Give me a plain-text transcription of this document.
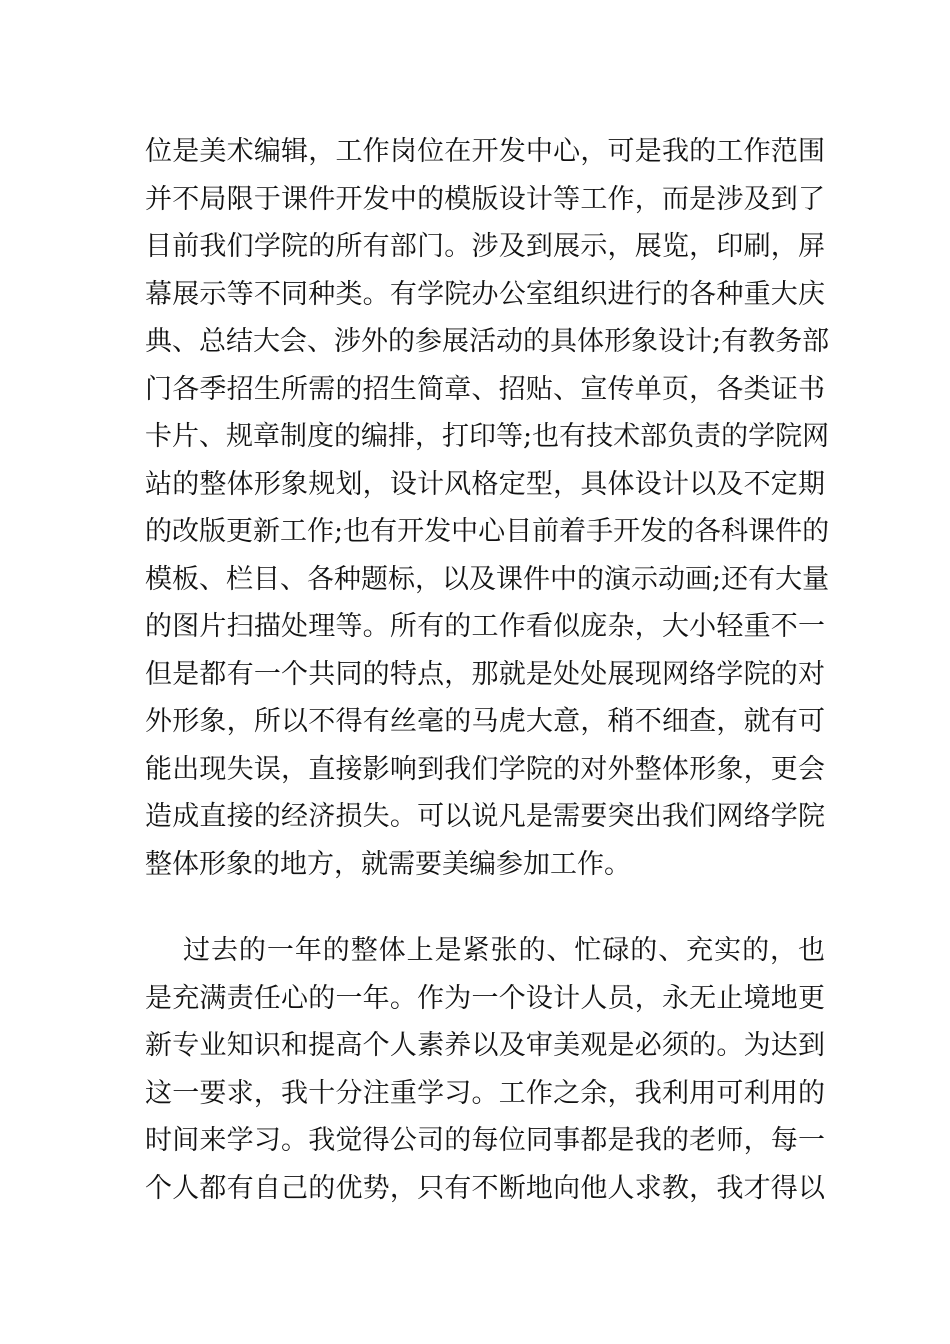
位是美术编辑，工作岗位在开发中心，可是我的工作范围
并不局限于课件开发中的模版设计等工作，而是涉及到了
目前我们学院的所有部门。涉及到展示，展览，印刷，屏
幕展示等不同种类。有学院办公室组织进行的各种重大庆
典、总结大会、涉外的参展活动的具体形象设计;有教务部
门各季招生所需的招生简章、招贴、宣传单页，各类证书
卡片、规章制度的编排，打印等;也有技术部负责的学院网
站的整体形象规划，设计风格定型，具体设计以及不定期
的改版更新工作;也有开发中心目前着手开发的各科课件的
模板、栏目、各种题标，以及课件中的演示动画;还有大量
的图片扫描处理等。所有的工作看似庞杂，大小轻重不一
但是都有一个共同的特点，那就是处处展现网络学院的对
外形象，所以不得有丝毫的马虎大意，稍不细查，就有可
能出现失误，直接影响到我们学院的对外整体形象，更会
造成直接的经济损失。可以说凡是需要突出我们网络学院
整体形象的地方，就需要美编参加工作。
过去的一年的整体上是紧张的、忙碌的、充实的，也
是充满责任心的一年。作为一个设计人员，永无止境地更
新专业知识和提高个人素养以及审美观是必须的。为达到
这一要求，我十分注重学习。工作之余，我利用可利用的
时间来学习。我觉得公司的每位同事都是我的老师，每一
个人都有自己的优势，只有不断地向他人求教，我才得以
